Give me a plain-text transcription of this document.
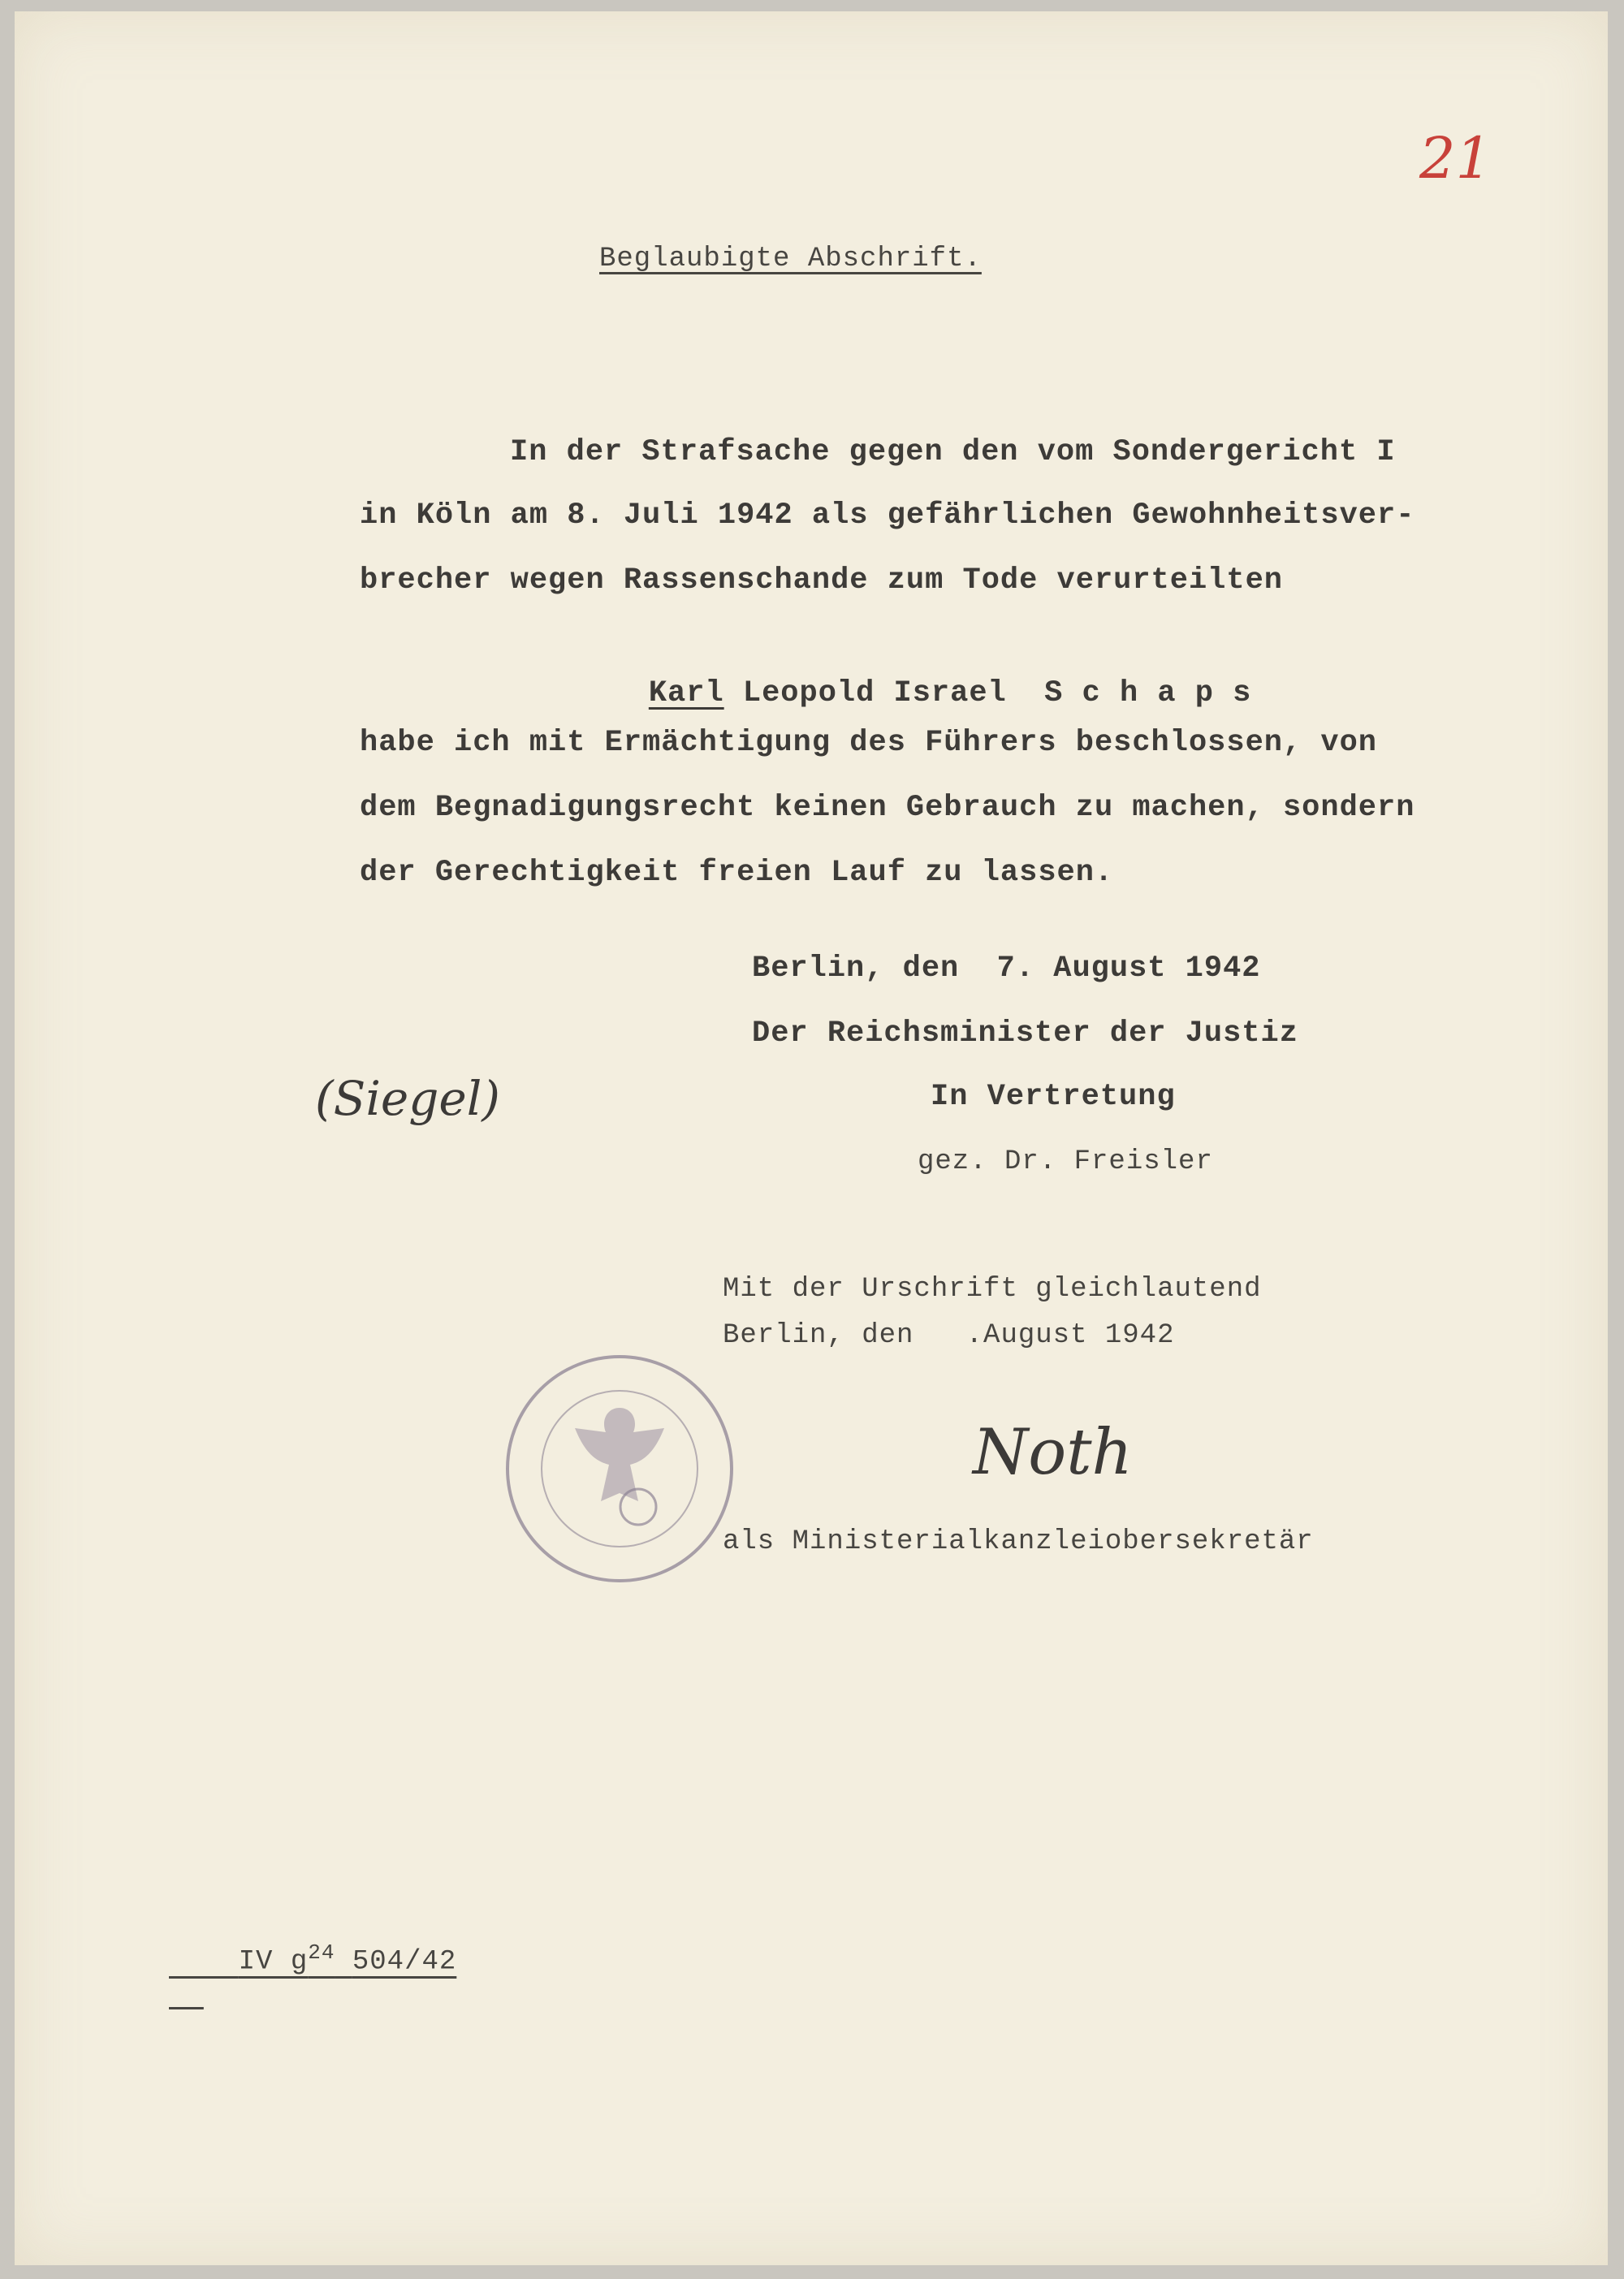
21
Beglaubigte Abschrift.
In der Strafsache gegen den vom Sondergericht I
in Köln am 8. Juli 1942 als gefährlichen Gewohnheitsver-
brecher wegen Rassenschande zum Tode verurteilten

Karl Leopold Israel  S c h a p s

habe ich mit Ermächtigung des Führers beschlossen, von
dem Begnadigungsrecht keinen Gebrauch zu machen, sondern
der Gerechtigkeit freien Lauf zu lassen.
Berlin, den  7. August 1942
Der Reichsminister der Justiz
In Vertretung
gez. Dr. Freisler
(Siegel)
Mit der Urschrift gleichlautend
Berlin, den   .August 1942
Noth
als Ministerialkanzleiobersekretär

IV $g^{24}$ 504/42
